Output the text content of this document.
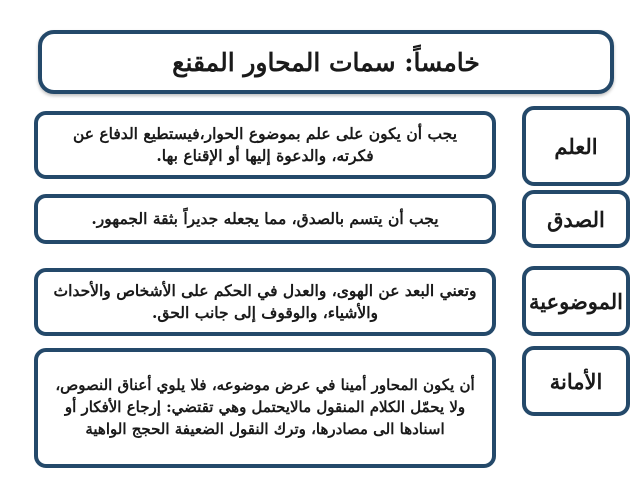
خامساً: سمات المحاور المقنع
العلم
يجب أن يكون على علم بموضوع الحوار،فيستطيع الدفاع عن فكرته، والدعوة إليها أو الإقناع بها.
الصدق
يجب أن يتسم بالصدق، مما يجعله جديراً بثقة الجمهور.
الموضوعية
وتعني البعد عن الهوى، والعدل في الحكم على الأشخاص والأحداث والأشياء، والوقوف إلى جانب الحق.
الأمانة
أن يكون المحاور أمينا في عرض موضوعه، فلا يلوي أعناق النصوص، ولا يحمّل الكلام المنقول مالايحتمل وهي تقتضي: إرجاع الأفكار أو اسنادها الى مصادرها، وترك النقول الضعيفة الحجج الواهية
